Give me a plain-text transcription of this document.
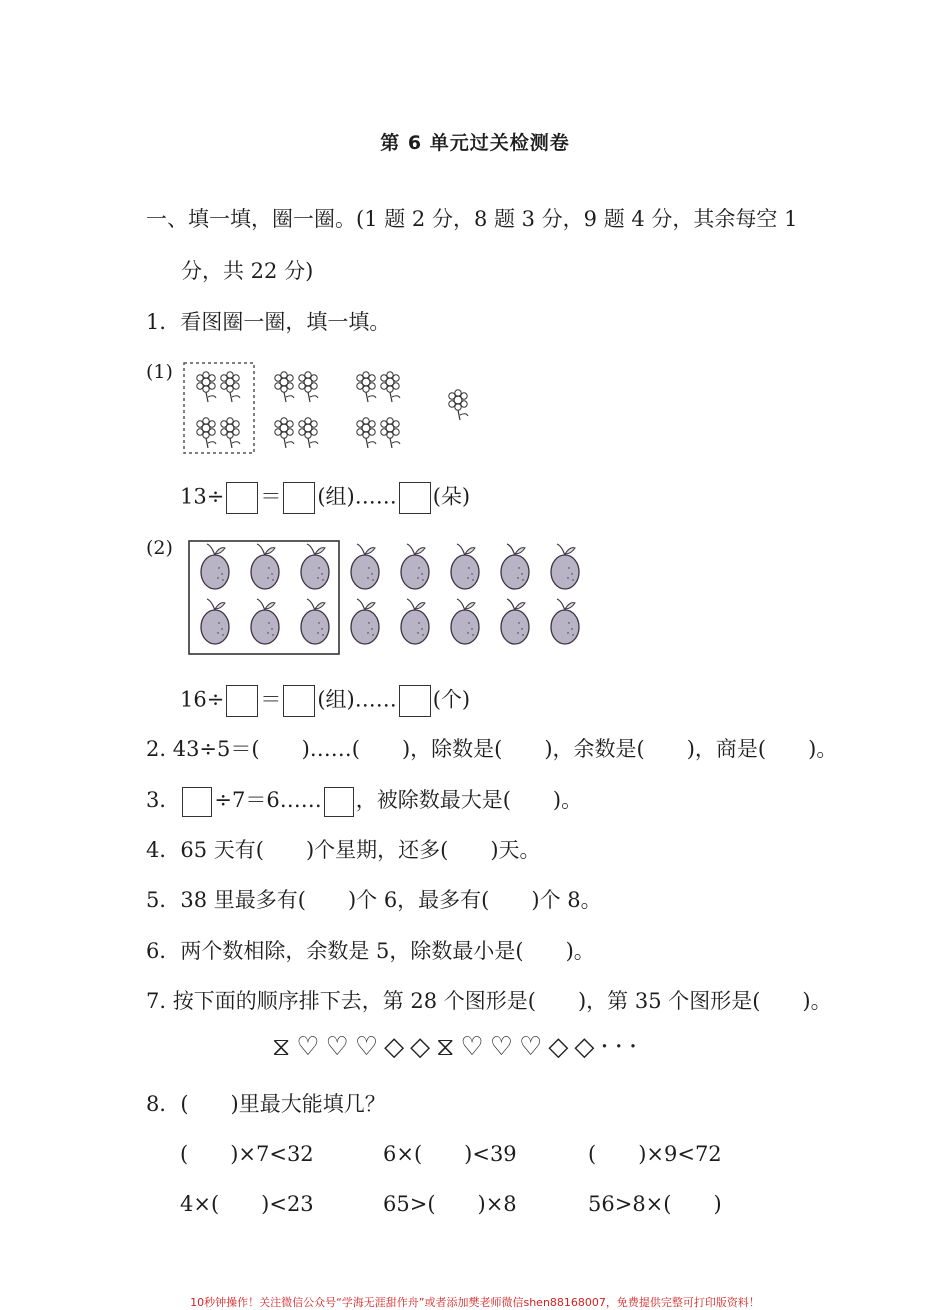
第 6 单元过关检测卷
一、填一填，圈一圈。(1 题 2 分，8 题 3 分，9 题 4 分，其余每空 1
分，共 22 分)
1．看图圈一圈，填一填。
(1)
13÷ ＝ (组)…… (朵)
(2)
16÷ ＝ (组)…… (个)
2. 43÷5＝(　　)……(　　)，除数是(　　)，余数是(　　)，商是(　　)。
3． ÷7＝6…… ，被除数最大是(　　)。
4．65 天有(　　)个星期，还多(　　)天。
5．38 里最多有(　　)个 6，最多有(　　)个 8。
6．两个数相除，余数是 5，除数最小是(　　)。
7. 按下面的顺序排下去，第 28 个图形是(　　)，第 35 个图形是(　　)。
⧖♡♡♡◇◇⧖♡♡♡◇◇···
8．(　　)里最大能填几？
(　　)×7<32	6×(　　)<39	(　　)×9<72
4×(　　)<23	65>(　　)×8	56>8×(　　)
10秒钟操作！关注微信公众号“学海无涯甜作舟”或者添加樊老师微信shen88168007，免费提供完整可打印版资料！
